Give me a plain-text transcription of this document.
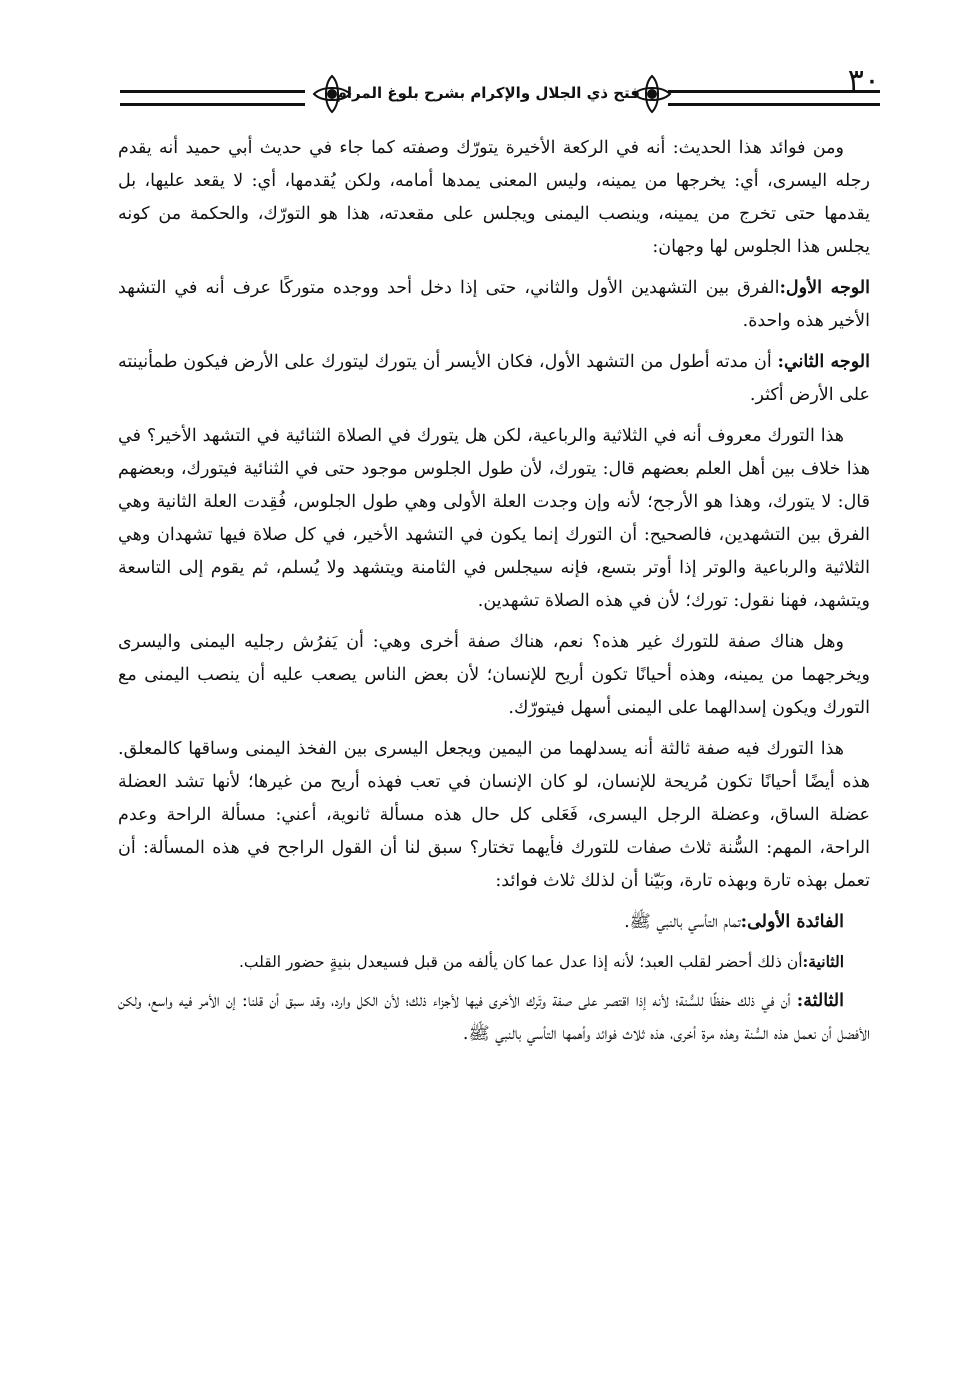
فتح ذي الجلال والإكرام بشرح بلوغ المرام	٣٠

ومن فوائد هذا الحديث: أنه في الركعة الأخيرة يتورّك وصفته كما جاء في حديث أبي حميد أنه يقدم رجله اليسرى، أي: يخرجها من يمينه، وليس المعنى يمدها أمامه، ولكن يُقدمها، أي: لا يقعد عليها، بل يقدمها حتى تخرج من يمينه، وينصب اليمنى ويجلس على مقعدته، هذا هو التورّك، والحكمة من كونه يجلس هذا الجلوس لها وجهان:

الوجه الأول:الفرق بين التشهدين الأول والثاني، حتى إذا دخل أحد ووجده متوركًا عرف أنه في التشهد الأخير هذه واحدة.

الوجه الثاني: أن مدته أطول من التشهد الأول، فكان الأيسر أن يتورك ليتورك على الأرض فيكون طمأنينته على الأرض أكثر.

هذا التورك معروف أنه في الثلاثية والرباعية، لكن هل يتورك في الصلاة الثنائية في التشهد الأخير؟ في هذا خلاف بين أهل العلم بعضهم قال: يتورك، لأن طول الجلوس موجود حتى في الثنائية فيتورك، وبعضهم قال: لا يتورك، وهذا هو الأرجح؛ لأنه وإن وجدت العلة الأولى وهي طول الجلوس، فُقِدت العلة الثانية وهي الفرق بين التشهدين، فالصحيح: أن التورك إنما يكون في التشهد الأخير، في كل صلاة فيها تشهدان وهي الثلاثية والرباعية والوتر إذا أوتر بتسع، فإنه سيجلس في الثامنة ويتشهد ولا يُسلم، ثم يقوم إلى التاسعة ويتشهد، فهنا نقول: تورك؛ لأن في هذه الصلاة تشهدين.

وهل هناك صفة للتورك غير هذه؟ نعم، هناك صفة أخرى وهي: أن يَفرُش رجليه اليمنى واليسرى ويخرجهما من يمينه، وهذه أحيانًا تكون أريح للإنسان؛ لأن بعض الناس يصعب عليه أن ينصب اليمنى مع التورك ويكون إسدالهما على اليمنى أسهل فيتورّك.

هذا التورك فيه صفة ثالثة أنه يسدلهما من اليمين ويجعل اليسرى بين الفخذ اليمنى وساقها كالمعلق. هذه أيضًا أحيانًا تكون مُريحة للإنسان، لو كان الإنسان في تعب فهذه أريح من غيرها؛ لأنها تشد العضلة عضلة الساق، وعضلة الرجل اليسرى، فَعَلى كل حال هذه مسألة ثانوية، أعني: مسألة الراحة وعدم الراحة، المهم: السُّنة ثلاث صفات للتورك فأيهما تختار؟ سبق لنا أن القول الراجح في هذه المسألة: أن تعمل بهذه تارة وبهذه تارة، وبَيّنا أن لذلك ثلاث فوائد:

الفائدة الأولى:تمام التأسي بالنبي ﷺ.

الثانية:أن ذلك أحضر لقلب العبد؛ لأنه إذا عدل عما كان يألفه من قبل فسيعدل بنيةٍ حضور القلب.

الثالثة: أن في ذلك حفظًا للسُّنة؛ لأنه إذا اقتصر على صفة وتَرك الأخرى فيها لأجزاء ذلك؛ لأن الكل وارد، وقد سبق أن قلنا: إن الأمر فيه واسع، ولكن الأفضل أن نعمل هذه السُّنة وهذه مرة أخرى، هذه ثلاث فوائد وأهمها التأسي بالنبي ﷺ.
